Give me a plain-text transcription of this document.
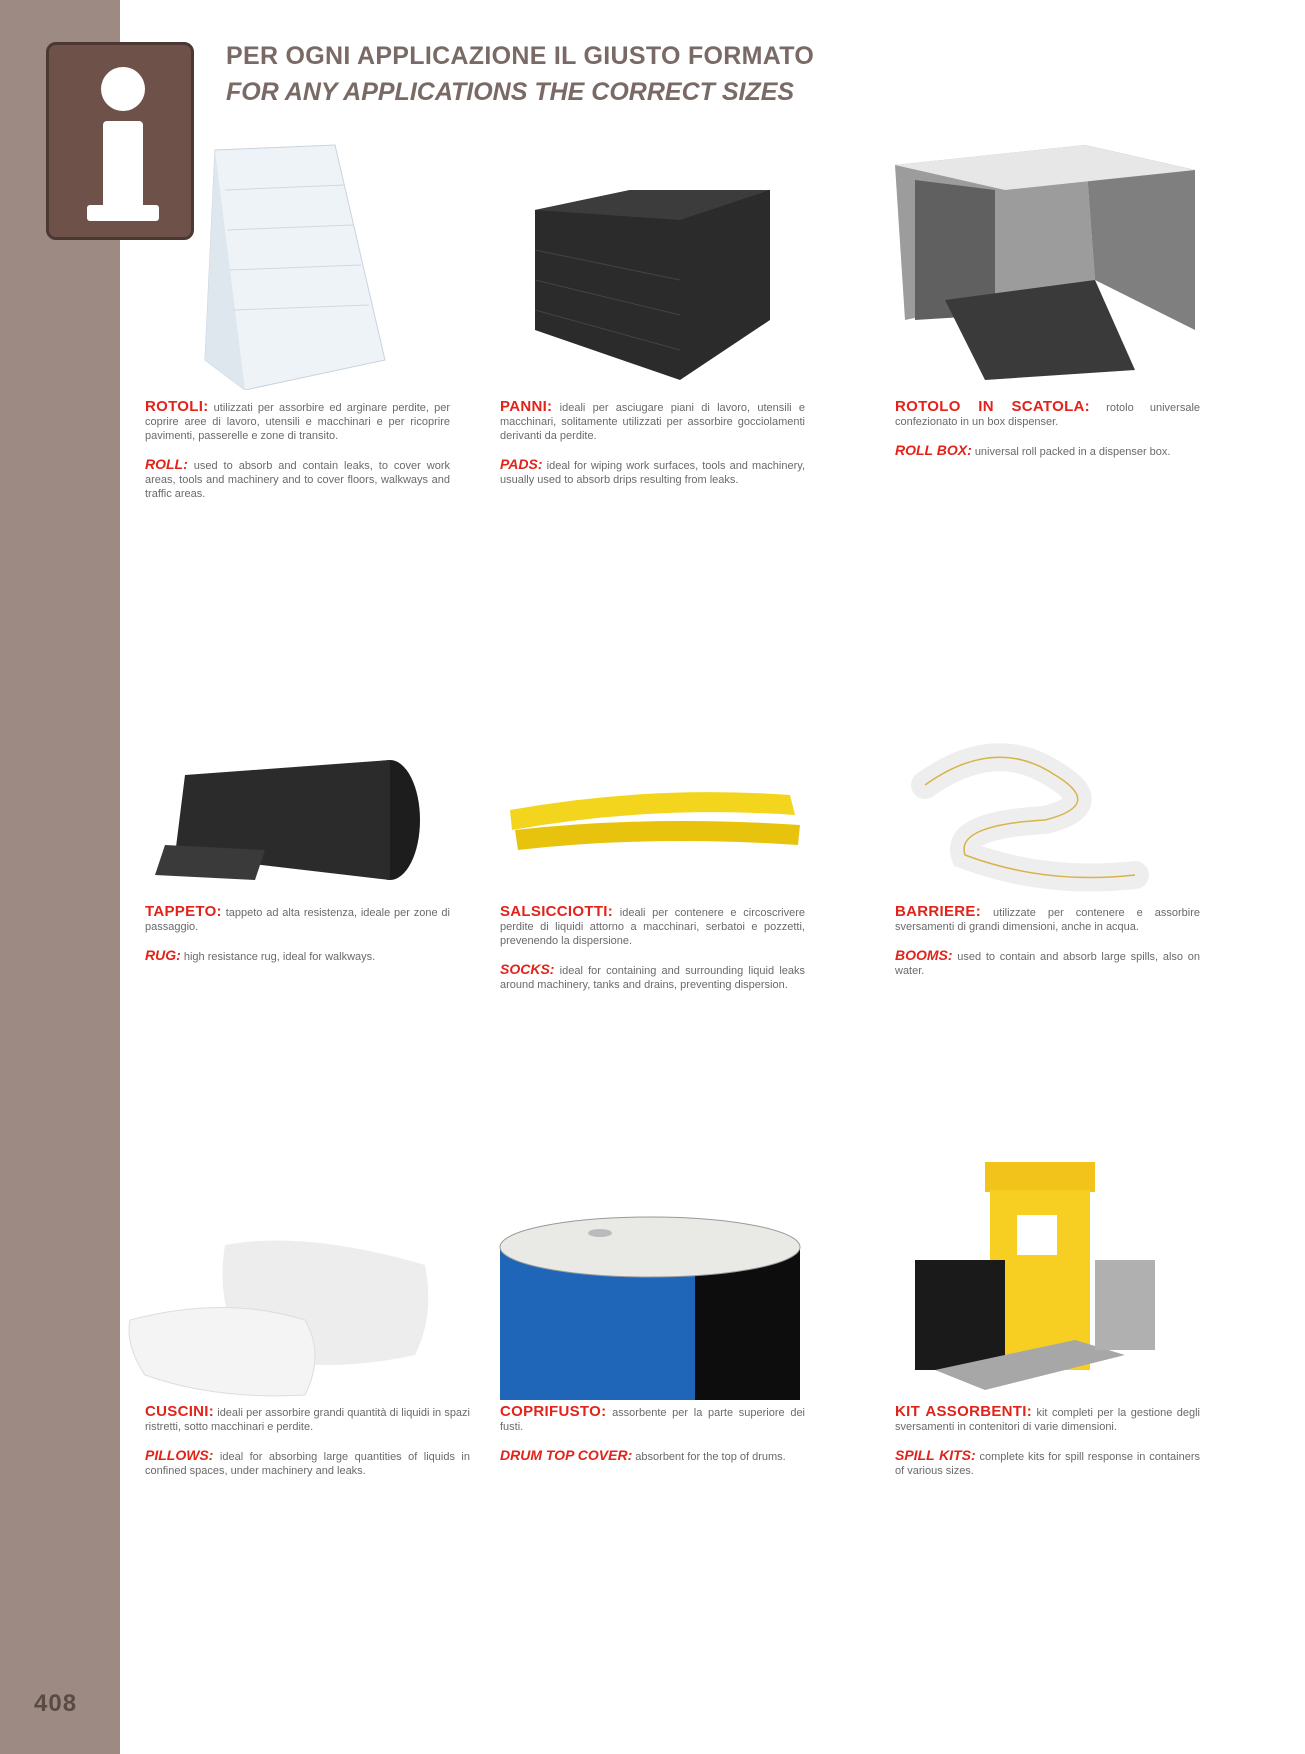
408
PER OGNI APPLICAZIONE IL GIUSTO FORMATO
FOR ANY APPLICATIONS THE CORRECT SIZES
ROTOLI: utilizzati per assorbire ed arginare perdite, per coprire aree di lavoro, utensili e macchinari e per ricoprire pavimenti, passerelle e zone di transito.
ROLL: used to absorb and contain leaks, to cover work areas, tools and machinery and to cover floors, walkways and traffic areas.
PANNI: ideali per asciugare piani di lavoro, utensili e macchinari, solitamente utilizzati per assorbire gocciolamenti derivanti da perdite.
PADS: ideal for wiping work surfaces, tools and machinery, usually used to absorb drips resulting from leaks.
ROTOLO IN SCATOLA: rotolo universale confezionato in un box dispenser.
ROLL BOX: universal roll packed in a dispenser box.
TAPPETO: tappeto ad alta resistenza, ideale per zone di passaggio.
RUG: high resistance rug, ideal for walkways.
SALSICCIOTTI: ideali per contenere e circoscrivere perdite di liquidi attorno a macchinari, serbatoi e pozzetti, prevenendo la dispersione.
SOCKS: ideal for containing and surrounding liquid leaks around machinery, tanks and drains, preventing dispersion.
BARRIERE: utilizzate per contenere e assorbire sversamenti di grandi dimensioni, anche in acqua.
BOOMS: used to contain and absorb large spills, also on water.
CUSCINI: ideali per assorbire grandi quantità di liquidi in spazi ristretti, sotto macchinari e perdite.
PILLOWS: ideal for absorbing large quantities of liquids in confined spaces, under machinery and leaks.
COPRIFUSTO: assorbente per la parte superiore dei fusti.
DRUM TOP COVER: absorbent for the top of drums.
KIT ASSORBENTI: kit completi per la gestione degli sversamenti in contenitori di varie dimensioni.
SPILL KITS: complete kits for spill response in containers of various sizes.
